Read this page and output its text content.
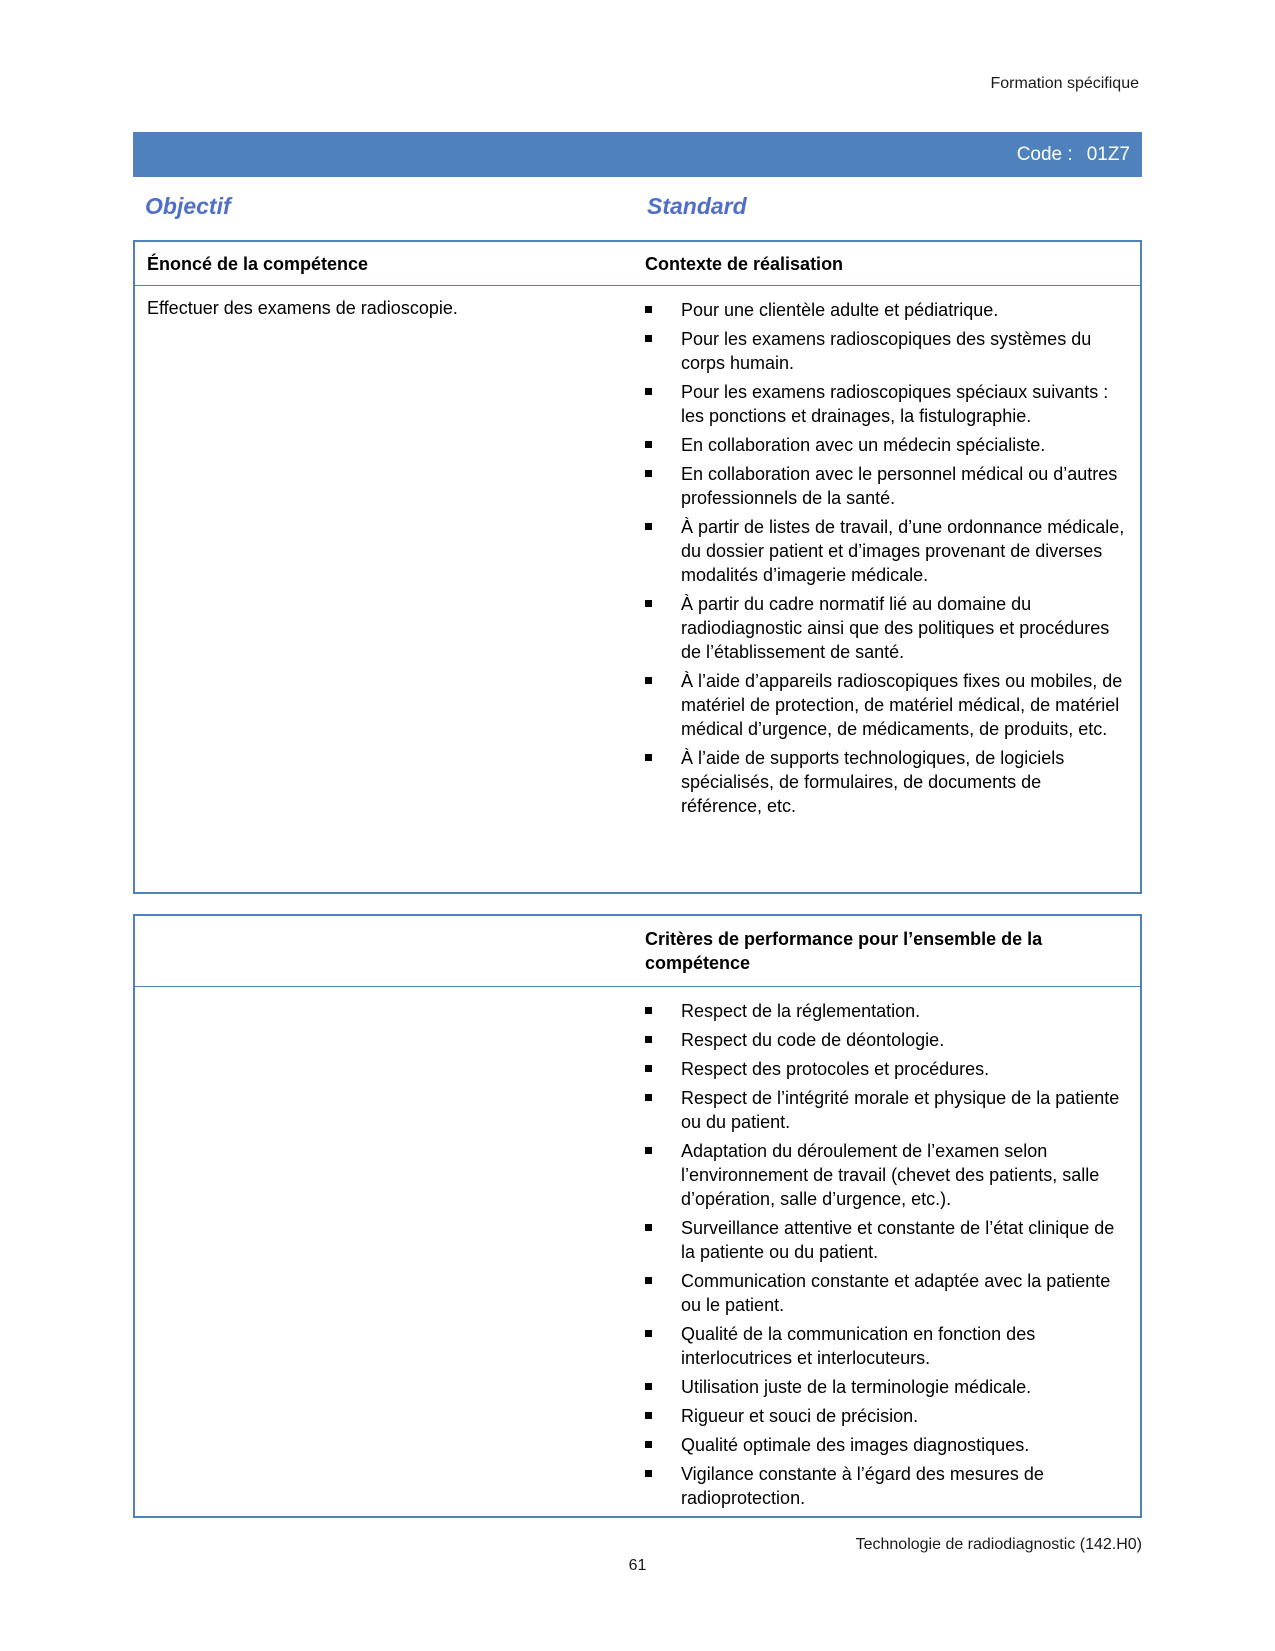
Formation spécifique
Code : 01Z7
Objectif	Standard
Énoncé de la compétence	Contexte de réalisation
Effectuer des examens de radioscopie.	Pour une clientèle adulte et pédiatrique.
Pour les examens radioscopiques des systèmes du corps humain.
Pour les examens radioscopiques spéciaux suivants : les ponctions et drainages, la fistulographie.
En collaboration avec un médecin spécialiste.
En collaboration avec le personnel médical ou d’autres professionnels de la santé.
À partir de listes de travail, d’une ordonnance médicale, du dossier patient et d’images provenant de diverses modalités d’imagerie médicale.
À partir du cadre normatif lié au domaine du radiodiagnostic ainsi que des politiques et procédures de l’établissement de santé.
À l’aide d’appareils radioscopiques fixes ou mobiles, de matériel de protection, de matériel médical, de matériel médical d’urgence, de médicaments, de produits, etc.
À l’aide de supports technologiques, de logiciels spécialisés, de formulaires, de documents de référence, etc.
Critères de performance pour l’ensemble de la compétence
Respect de la réglementation.
Respect du code de déontologie.
Respect des protocoles et procédures.
Respect de l’intégrité morale et physique de la patiente ou du patient.
Adaptation du déroulement de l’examen selon l’environnement de travail (chevet des patients, salle d’opération, salle d’urgence, etc.).
Surveillance attentive et constante de l’état clinique de la patiente ou du patient.
Communication constante et adaptée avec la patiente ou le patient.
Qualité de la communication en fonction des interlocutrices et interlocuteurs.
Utilisation juste de la terminologie médicale.
Rigueur et souci de précision.
Qualité optimale des images diagnostiques.
Vigilance constante à l’égard des mesures de radioprotection.
Technologie de radiodiagnostic (142.H0)
61
